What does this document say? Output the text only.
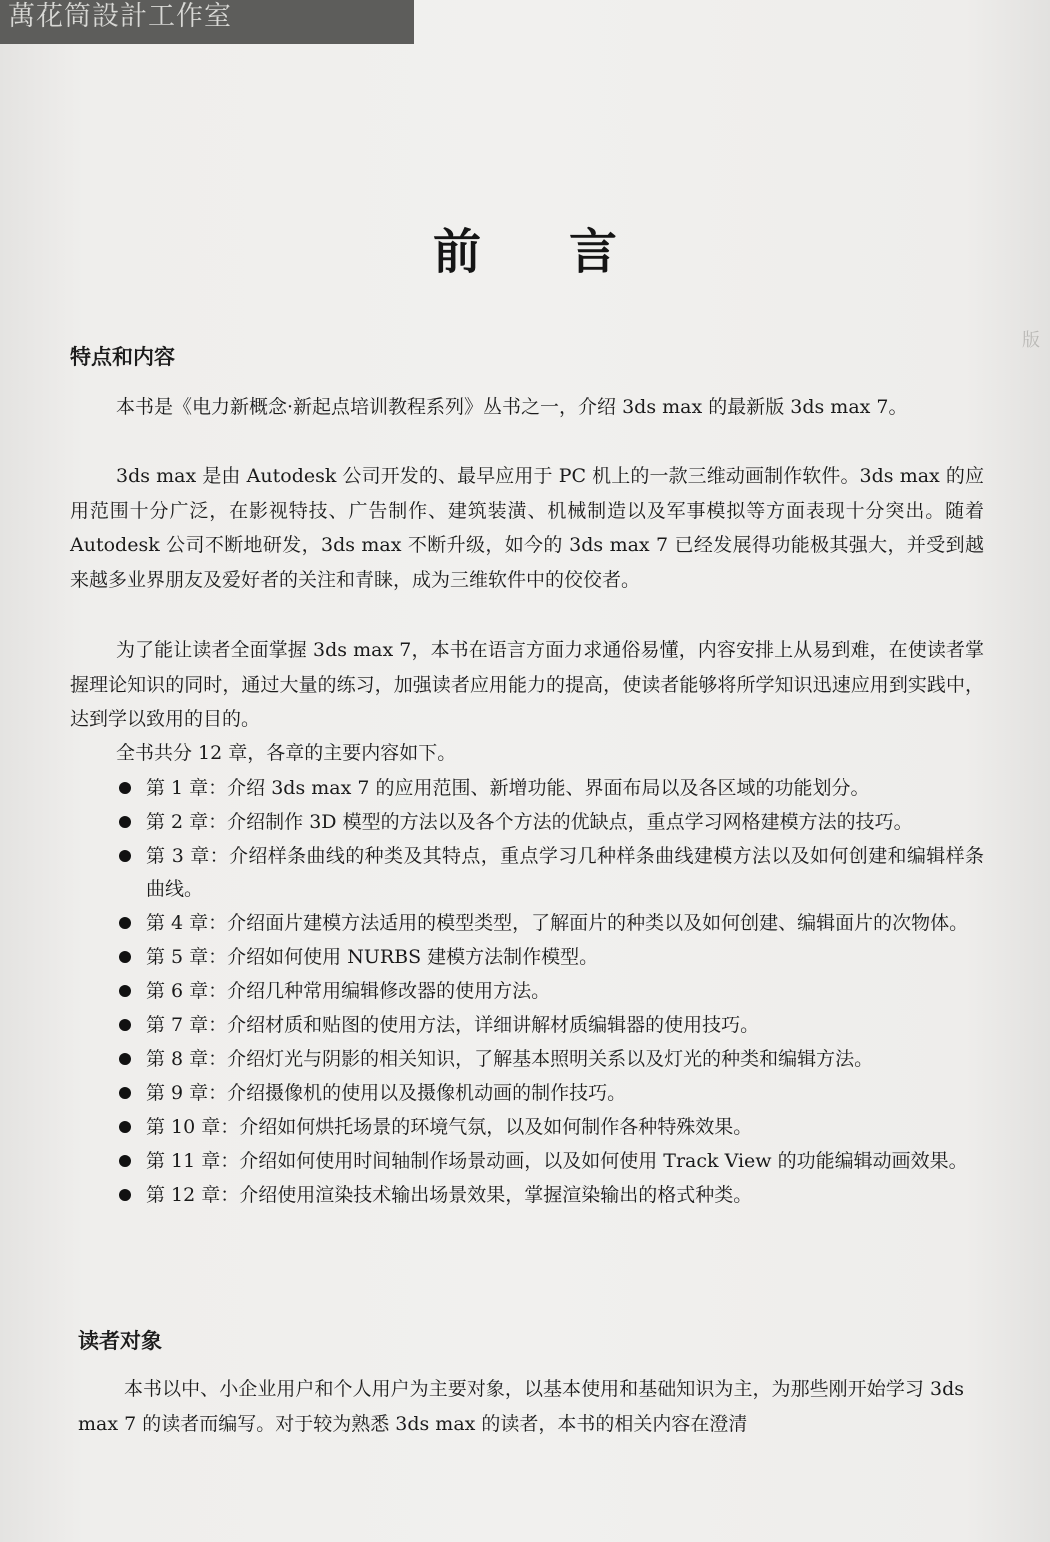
萬花筒設計工作室
版
前言
特点和内容

本书是《电力新概念·新起点培训教程系列》丛书之一，介绍 3ds max 的最新版 3ds max 7。

3ds max 是由 Autodesk 公司开发的、最早应用于 PC 机上的一款三维动画制作软件。3ds max 的应用范围十分广泛，在影视特技、广告制作、建筑装潢、机械制造以及军事模拟等方面表现十分突出。随着 Autodesk 公司不断地研发，3ds max 不断升级，如今的 3ds max 7 已经发展得功能极其强大，并受到越来越多业界朋友及爱好者的关注和青睐，成为三维软件中的佼佼者。

为了能让读者全面掌握 3ds max 7，本书在语言方面力求通俗易懂，内容安排上从易到难，在使读者掌握理论知识的同时，通过大量的练习，加强读者应用能力的提高，使读者能够将所学知识迅速应用到实践中，达到学以致用的目的。

全书共分 12 章，各章的主要内容如下。

第 1 章：介绍 3ds max 7 的应用范围、新增功能、界面布局以及各区域的功能划分。
第 2 章：介绍制作 3D 模型的方法以及各个方法的优缺点，重点学习网格建模方法的技巧。
第 3 章：介绍样条曲线的种类及其特点，重点学习几种样条曲线建模方法以及如何创建和编辑样条曲线。
第 4 章：介绍面片建模方法适用的模型类型，了解面片的种类以及如何创建、编辑面片的次物体。
第 5 章：介绍如何使用 NURBS 建模方法制作模型。
第 6 章：介绍几种常用编辑修改器的使用方法。
第 7 章：介绍材质和贴图的使用方法，详细讲解材质编辑器的使用技巧。
第 8 章：介绍灯光与阴影的相关知识，了解基本照明关系以及灯光的种类和编辑方法。
第 9 章：介绍摄像机的使用以及摄像机动画的制作技巧。
第 10 章：介绍如何烘托场景的环境气氛，以及如何制作各种特殊效果。
第 11 章：介绍如何使用时间轴制作场景动画，以及如何使用 Track View 的功能编辑动画效果。
第 12 章：介绍使用渲染技术输出场景效果，掌握渲染输出的格式种类。
读者对象

本书以中、小企业用户和个人用户为主要对象，以基本使用和基础知识为主，为那些刚开始学习 3ds max 7 的读者而编写。对于较为熟悉 3ds max 的读者，本书的相关内容在澄清
